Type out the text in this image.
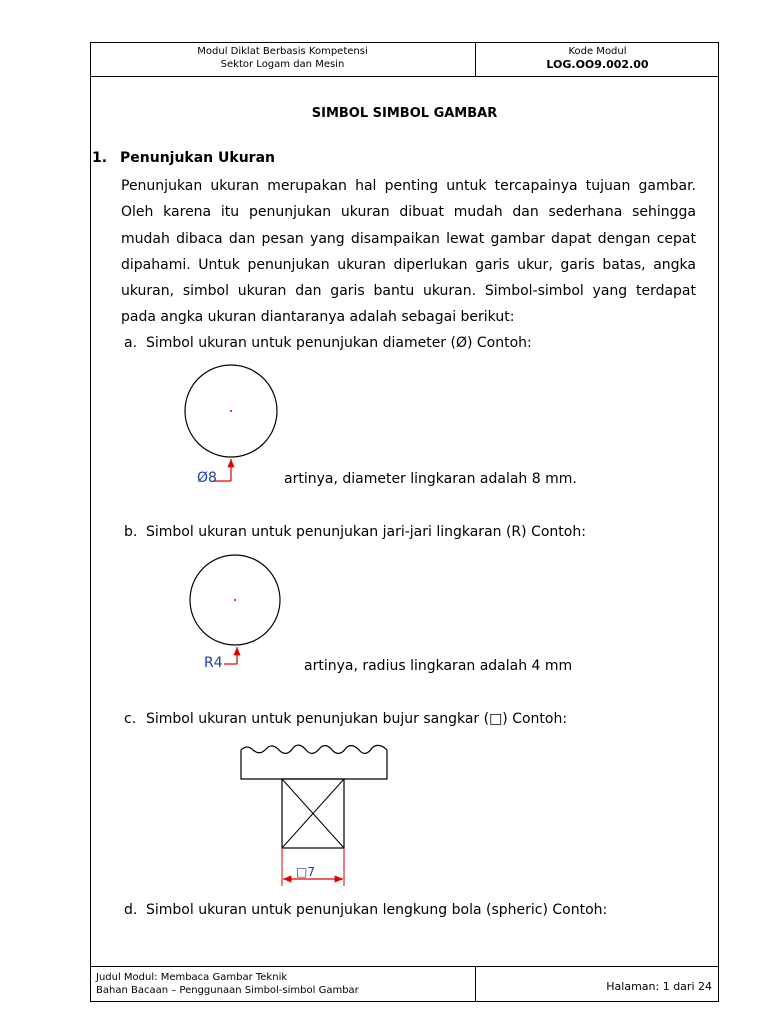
Modul Diklat Berbasis Kompetensi
Sektor Logam dan Mesin
Kode Modul
LOG.OO9.002.00
SIMBOL SIMBOL GAMBAR
1. Penunjukan Ukuran
Penunjukan ukuran merupakan hal penting untuk tercapainya tujuan gambar. Oleh karena itu penunjukan ukuran dibuat mudah dan sederhana sehingga mudah dibaca dan pesan yang disampaikan lewat gambar dapat dengan cepat dipahami. Untuk penunjukan ukuran diperlukan garis ukur, garis batas, angka ukuran, simbol ukuran dan garis bantu ukuran. Simbol-simbol yang terdapat pada angka ukuran diantaranya adalah sebagai berikut:
a. Simbol ukuran untuk penunjukan diameter (Ø) Contoh:
b. Simbol ukuran untuk penunjukan jari-jari lingkaran (R) Contoh:
c. Simbol ukuran untuk penunjukan bujur sangkar (□) Contoh:
d. Simbol ukuran untuk penunjukan lengkung bola (spheric) Contoh:
artinya, diameter lingkaran adalah 8 mm.
artinya, radius lingkaran adalah 4 mm
Ø8
R4
□7
Judul Modul: Membaca Gambar Teknik
Bahan Bacaan – Penggunaan Simbol-simbol Gambar	Halaman: 1 dari 24
